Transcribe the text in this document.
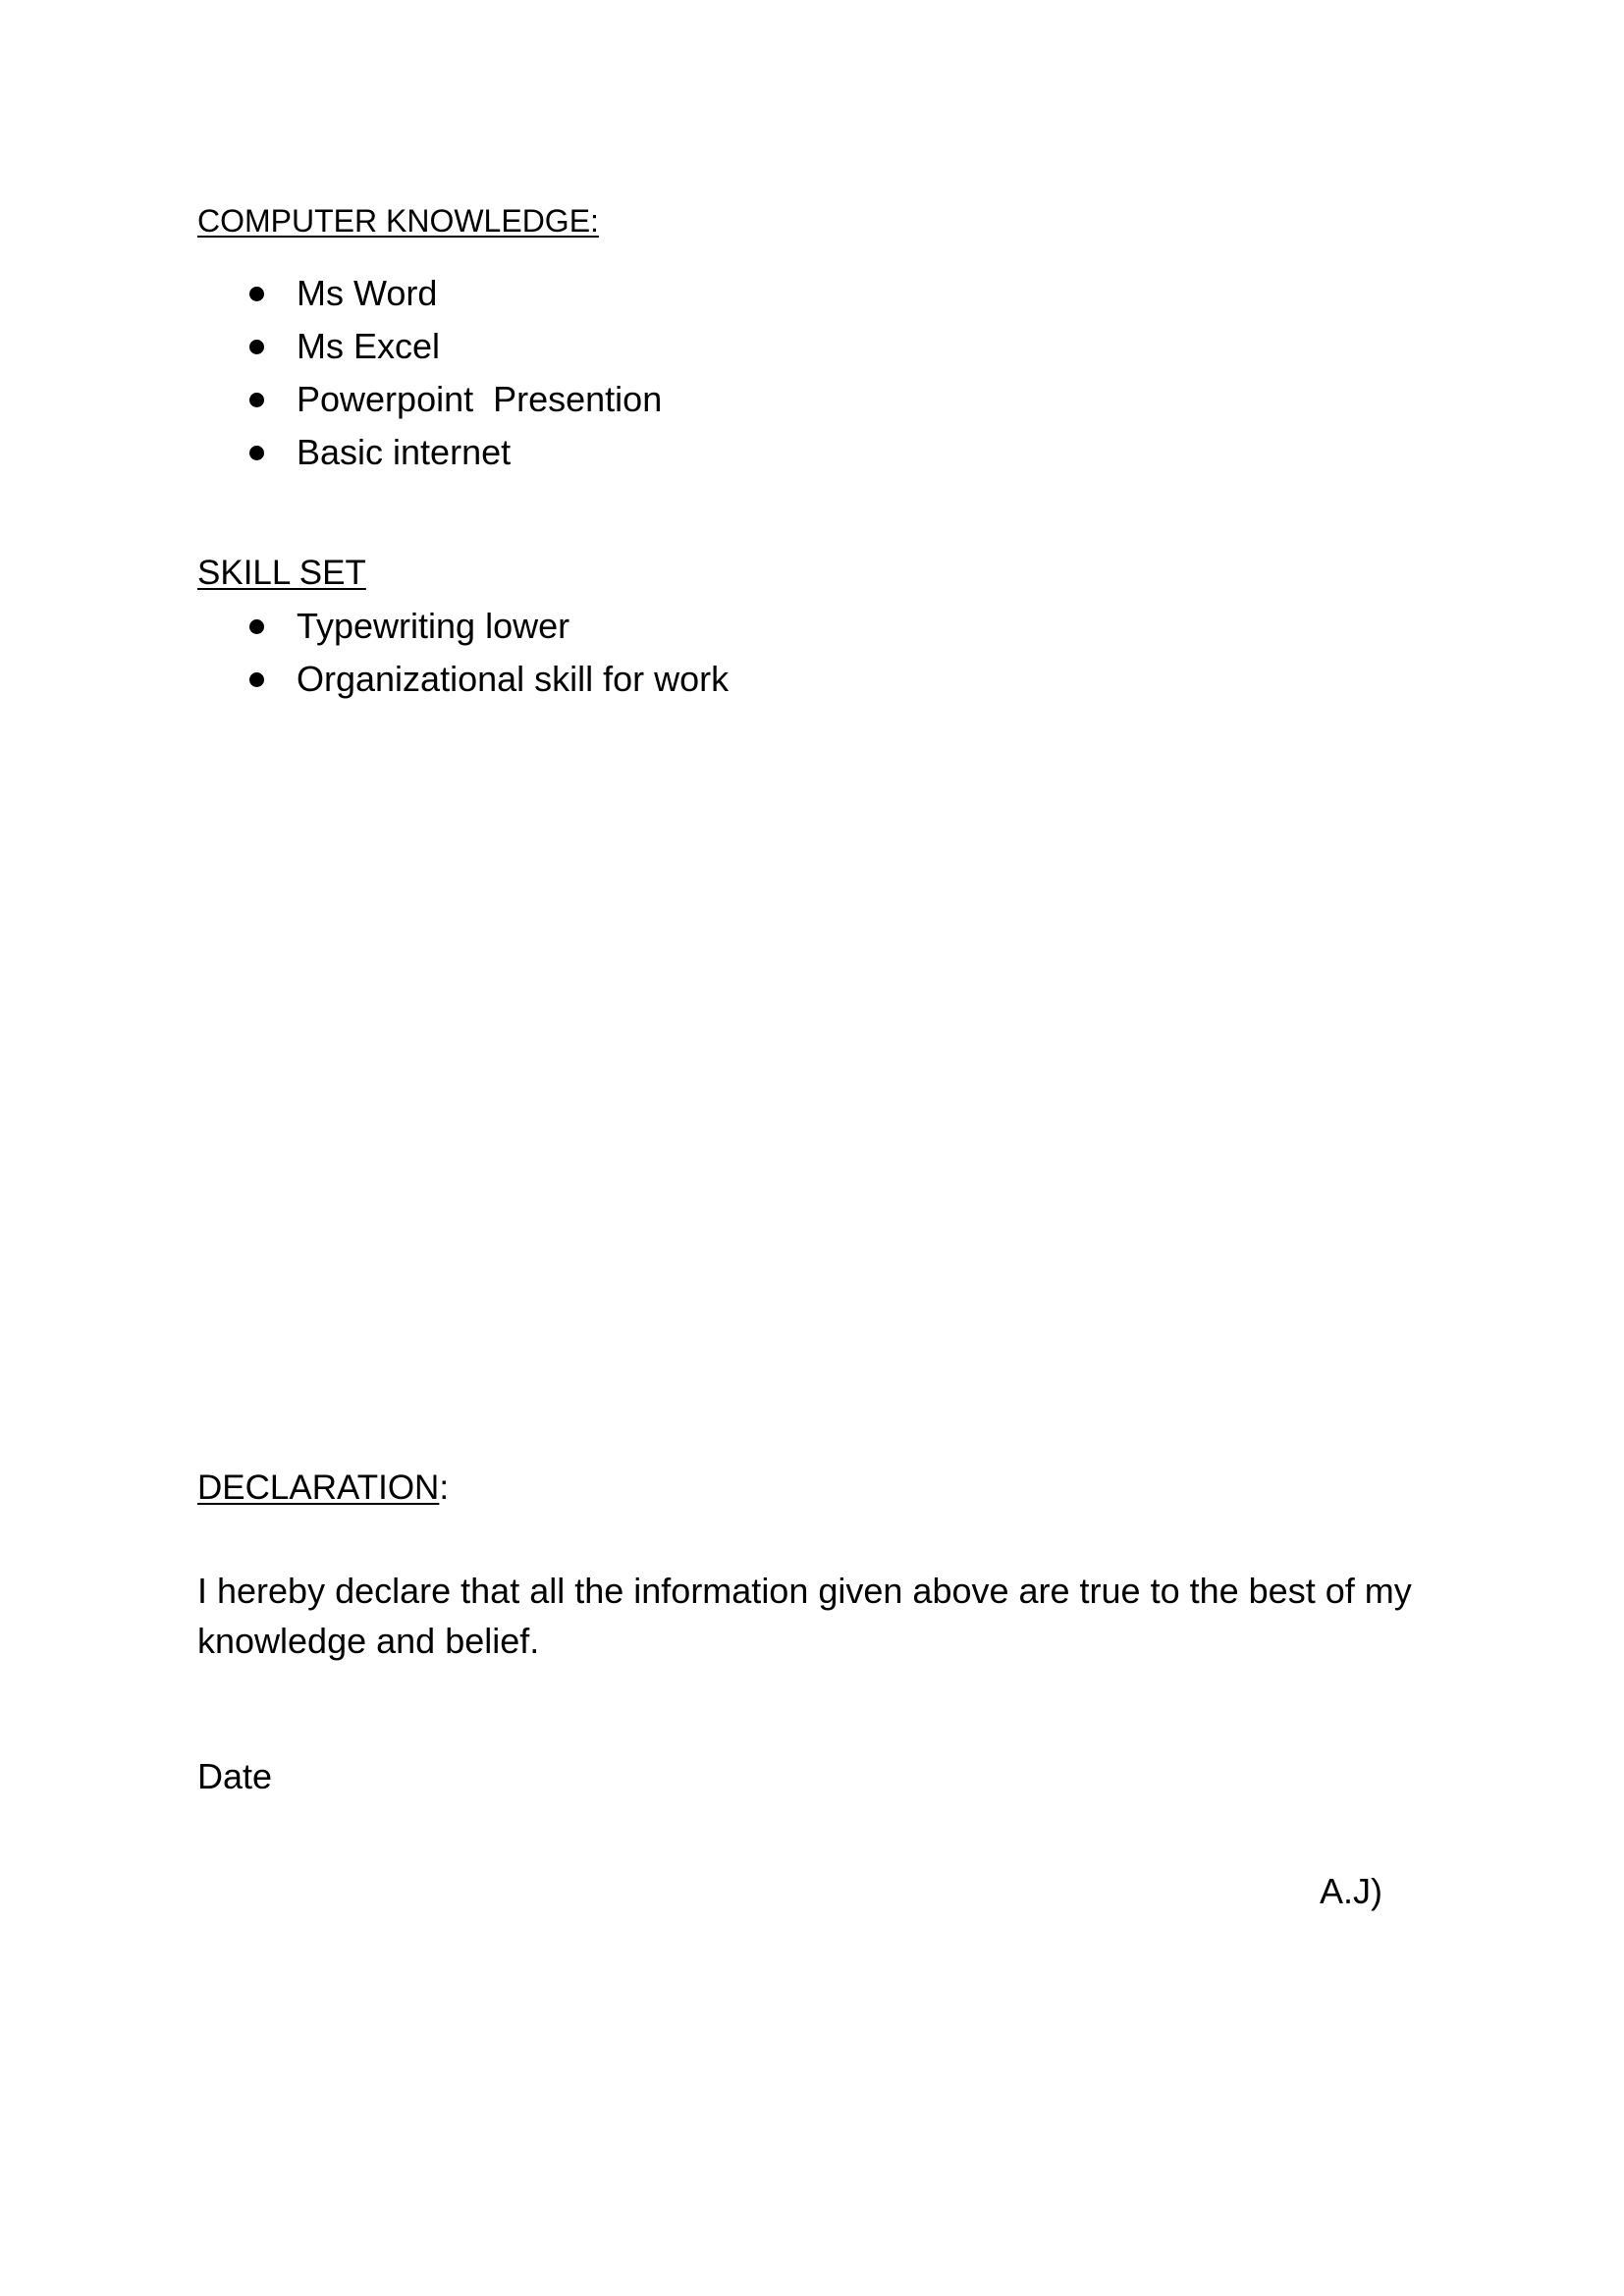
COMPUTER KNOWLEDGE:

Ms Word

Ms Excel

Powerpoint  Presention

Basic internet

SKILL SET

Typewriting lower

Organizational skill for work

DECLARATION:
I hereby declare that all the information given above are true to the best of my knowledge and belief.
Date
A.J)
